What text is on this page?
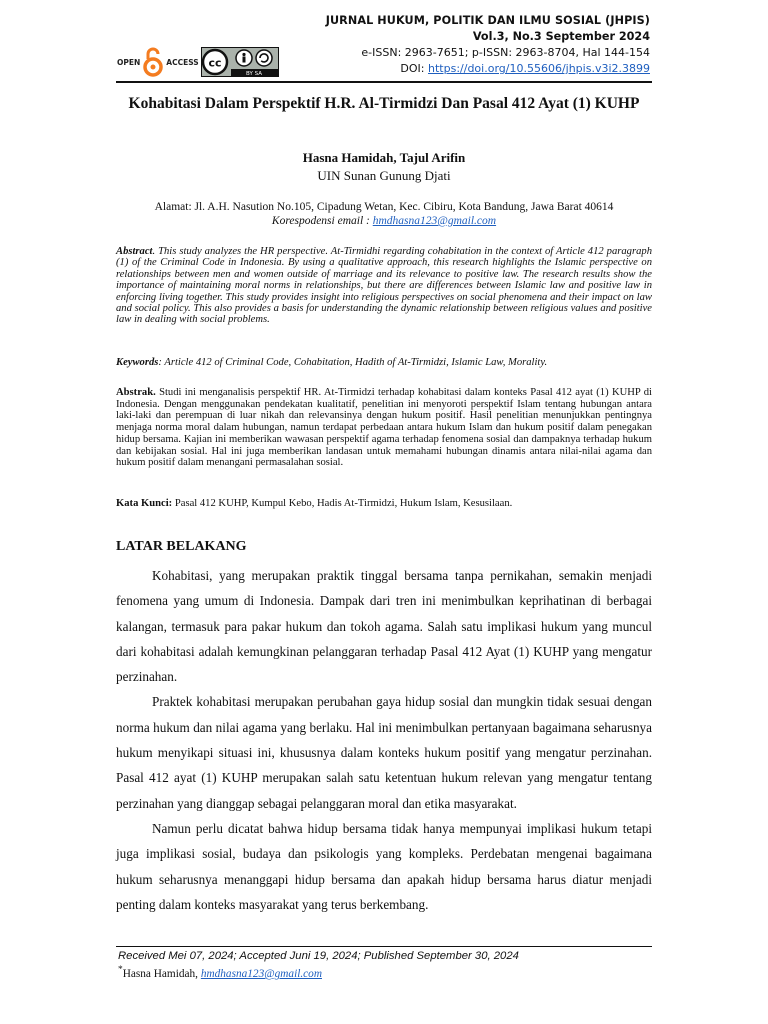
OPEN	ACCESS cc
BY SA
JURNAL HUKUM, POLITIK DAN ILMU SOSIAL (JHPIS)
Vol.3, No.3 September 2024
e-ISSN: 2963-7651; p-ISSN: 2963-8704, Hal 144-154
DOI: https://doi.org/10.55606/jhpis.v3i2.3899
Kohabitasi Dalam Perspektif H.R. Al-Tirmidzi Dan Pasal 412 Ayat (1) KUHP
Hasna Hamidah, Tajul Arifin
UIN Sunan Gunung Djati
Alamat: Jl. A.H. Nasution No.105, Cipadung Wetan, Kec. Cibiru, Kota Bandung, Jawa Barat 40614
Korespodensi email : hmdhasna123@gmail.com
Abstract. This study analyzes the HR perspective. At-Tirmidhi regarding cohabitation in the context of Article 412 paragraph (1) of the Criminal Code in Indonesia. By using a qualitative approach, this research highlights the Islamic perspective on relationships between men and women outside of marriage and its relevance to positive law. The research results show the importance of maintaining moral norms in relationships, but there are differences between Islamic law and positive law in enforcing living together. This study provides insight into religious perspectives on social phenomena and their impact on law and social policy. This also provides a basis for understanding the dynamic relationship between religious values and positive law in dealing with social problems.
Keywords: Article 412 of Criminal Code, Cohabitation, Hadith of At-Tirmidzi, Islamic Law, Morality.
Abstrak. Studi ini menganalisis perspektif HR. At-Tirmidzi terhadap kohabitasi dalam konteks Pasal 412 ayat (1) KUHP di Indonesia. Dengan menggunakan pendekatan kualitatif, penelitian ini menyoroti perspektif Islam tentang hubungan antara laki-laki dan perempuan di luar nikah dan relevansinya dengan hukum positif. Hasil penelitian menunjukkan pentingnya menjaga norma moral dalam hubungan, namun terdapat perbedaan antara hukum Islam dan hukum positif dalam penegakan hidup bersama. Kajian ini memberikan wawasan perspektif agama terhadap fenomena sosial dan dampaknya terhadap hukum dan kebijakan sosial. Hal ini juga memberikan landasan untuk memahami hubungan dinamis antara nilai-nilai agama dan hukum positif dalam menangani permasalahan sosial.
Kata Kunci: Pasal 412 KUHP, Kumpul Kebo, Hadis At-Tirmidzi, Hukum Islam, Kesusilaan.
LATAR BELAKANG

Kohabitasi, yang merupakan praktik tinggal bersama tanpa pernikahan, semakin menjadi fenomena yang umum di Indonesia. Dampak dari tren ini menimbulkan keprihatinan di berbagai kalangan, termasuk para pakar hukum dan tokoh agama. Salah satu implikasi hukum yang muncul dari kohabitasi adalah kemungkinan pelanggaran terhadap Pasal 412 Ayat (1) KUHP yang mengatur perzinahan.

Praktek kohabitasi merupakan perubahan gaya hidup sosial dan mungkin tidak sesuai dengan norma hukum dan nilai agama yang berlaku. Hal ini menimbulkan pertanyaan bagaimana seharusnya hukum menyikapi situasi ini, khususnya dalam konteks hukum positif yang mengatur perzinahan. Pasal 412 ayat (1) KUHP merupakan salah satu ketentuan hukum relevan yang mengatur tentang perzinahan yang dianggap sebagai pelanggaran moral dan etika masyarakat.

Namun perlu dicatat bahwa hidup bersama tidak hanya mempunyai implikasi hukum tetapi juga implikasi sosial, budaya dan psikologis yang kompleks. Perdebatan mengenai bagaimana hukum seharusnya menanggapi hidup bersama dan apakah hidup bersama harus diatur menjadi penting dalam konteks masyarakat yang terus berkembang.

Received Mei 07, 2024; Accepted Juni 19, 2024; Published September 30, 2024
*Hasna Hamidah, hmdhasna123@gmail.com
